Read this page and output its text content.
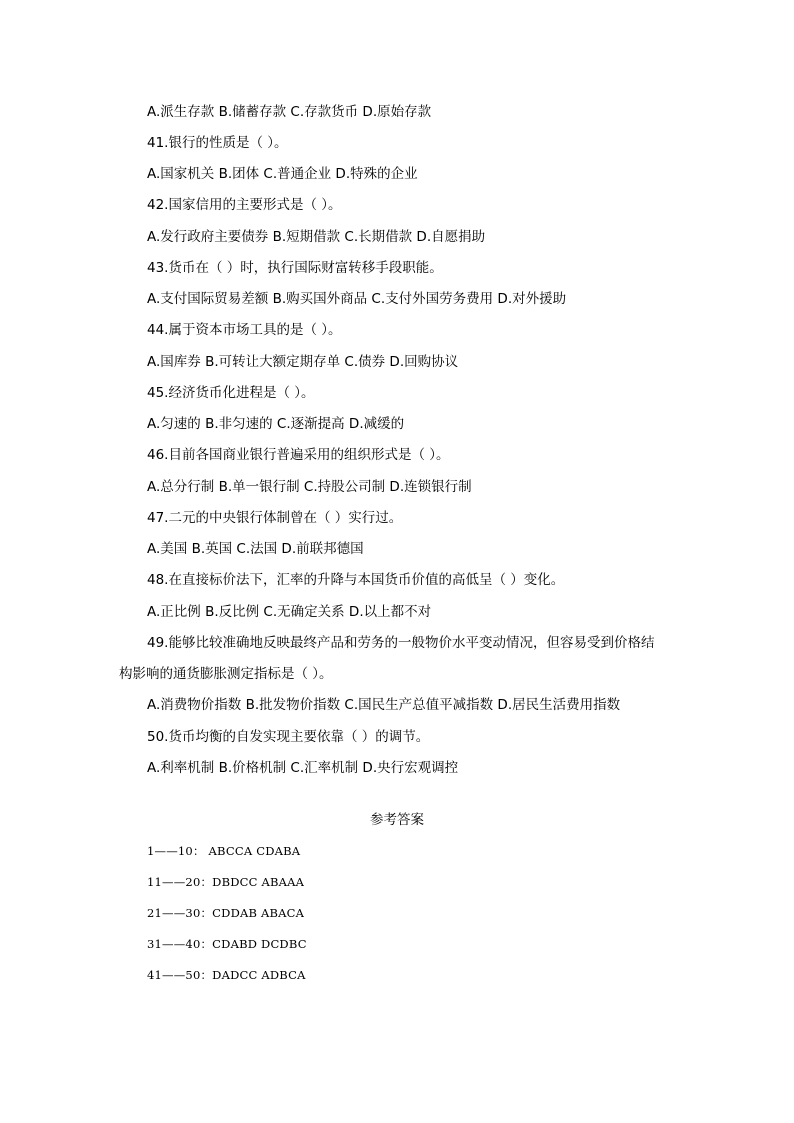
A.派生存款 B.储蓄存款 C.存款货币 D.原始存款
41.银行的性质是（ ）。
A.国家机关 B.团体 C.普通企业 D.特殊的企业
42.国家信用的主要形式是（ ）。
A.发行政府主要债券 B.短期借款 C.长期借款 D.自愿捐助
43.货币在（ ）时，执行国际财富转移手段职能。
A.支付国际贸易差额 B.购买国外商品 C.支付外国劳务费用 D.对外援助
44.属于资本市场工具的是（ ）。
A.国库券 B.可转让大额定期存单 C.债券 D.回购协议
45.经济货币化进程是（ ）。
A.匀速的 B.非匀速的 C.逐渐提高 D.减缓的
46.目前各国商业银行普遍采用的组织形式是（ ）。
A.总分行制 B.单一银行制 C.持股公司制 D.连锁银行制
47.二元的中央银行体制曾在（ ）实行过。
A.美国 B.英国 C.法国 D.前联邦德国
48.在直接标价法下，汇率的升降与本国货币价值的高低呈（ ）变化。
A.正比例 B.反比例 C.无确定关系 D.以上都不对
49.能够比较准确地反映最终产品和劳务的一般物价水平变动情况，但容易受到价格结
构影响的通货膨胀测定指标是（ ）。
A.消费物价指数 B.批发物价指数 C.国民生产总值平减指数 D.居民生活费用指数
50.货币均衡的自发实现主要依靠（ ）的调节。
A.利率机制 B.价格机制 C.汇率机制 D.央行宏观调控
参考答案
1——10： ABCCA CDABA
11——20：DBDCC ABAAA
21——30：CDDAB ABACA
31——40：CDABD DCDBC
41——50：DADCC ADBCA
